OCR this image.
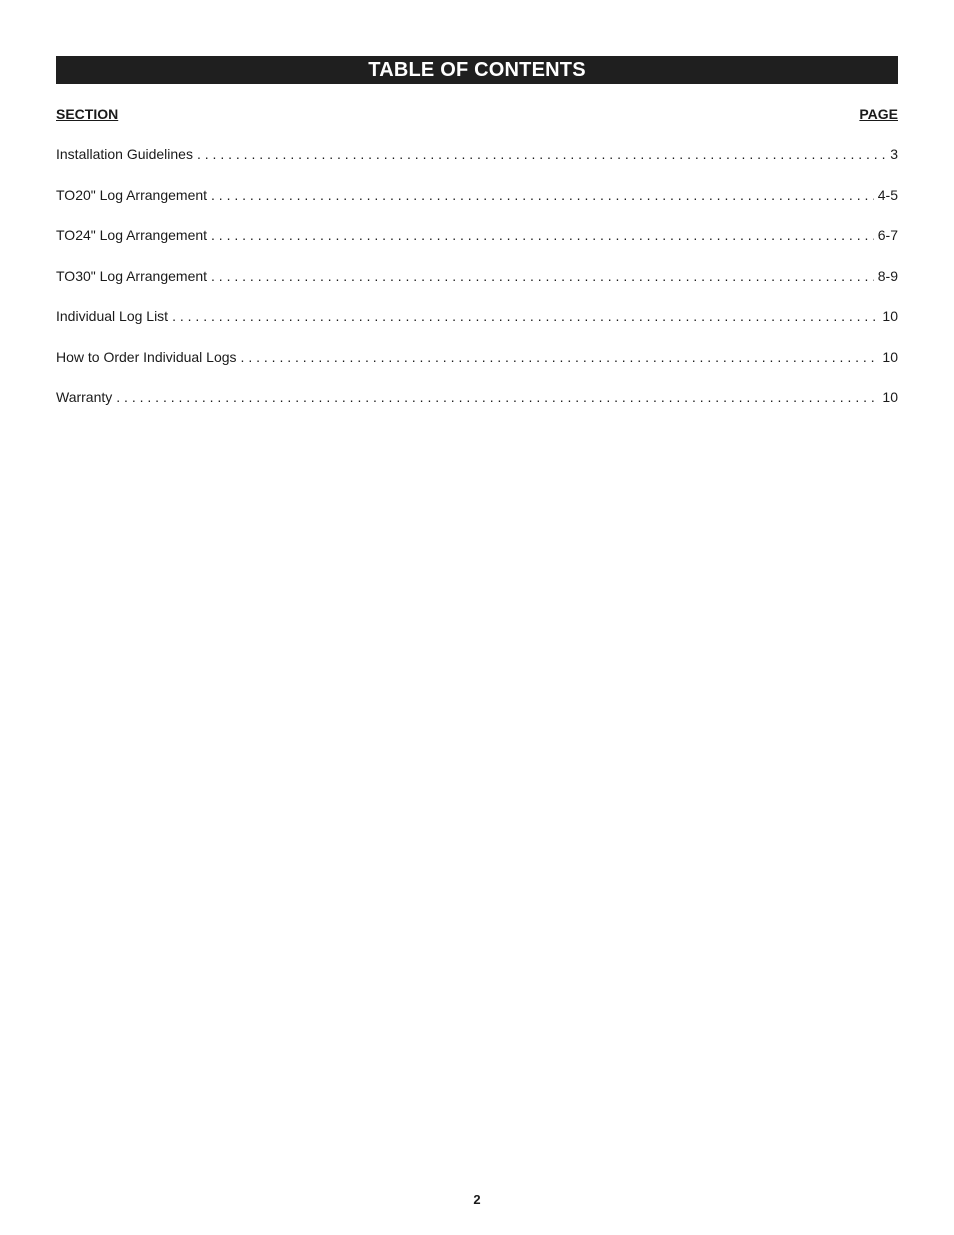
TABLE OF CONTENTS
SECTION	PAGE
Installation Guidelines . . .	3
TO20" Log Arrangement . . .	4-5
TO24" Log Arrangement . . .	6-7
TO30" Log Arrangement . . .	8-9
Individual Log List . . .	10
How to Order Individual Logs . . .	10
Warranty . . .	10
2
